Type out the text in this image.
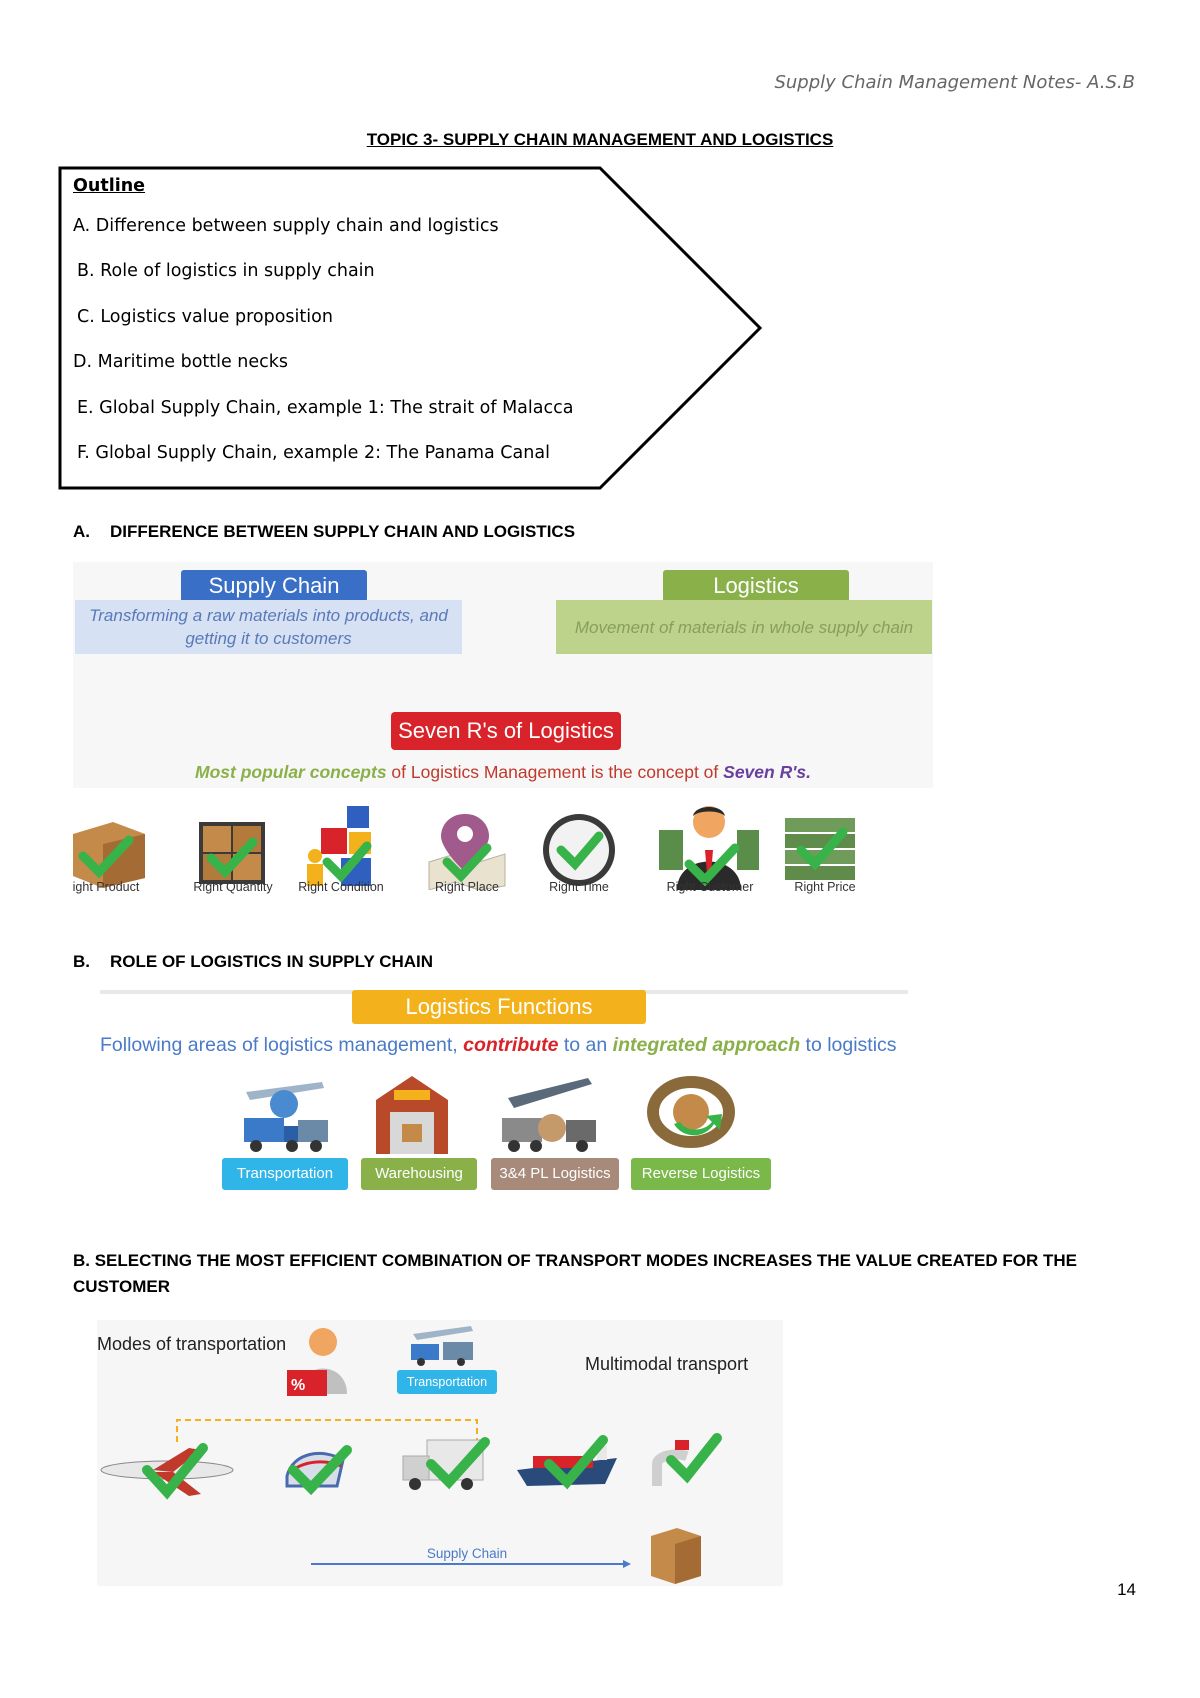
Supply Chain Management Notes- A.S.B
TOPIC 3- SUPPLY CHAIN MANAGEMENT AND LOGISTICS
Outline
A. Difference between supply chain and logistics
B. Role of logistics in supply chain
C. Logistics value proposition
D. Maritime bottle necks
E. Global Supply Chain, example 1: The strait of Malacca
F. Global Supply Chain, example 2: The Panama Canal
A. DIFFERENCE BETWEEN SUPPLY CHAIN AND LOGISTICS
Supply Chain
Transforming a raw materials into products, and getting it to customers
Logistics
Movement of materials in whole supply chain
Seven R's of Logistics
Most popular concepts of Logistics Management is the concept of Seven R's.
ight Product	Right Quantity	Right Condition	Right Place	Right Time	Right Customer	Right Price
B. ROLE OF LOGISTICS IN SUPPLY CHAIN
Logistics Functions
Following areas of logistics management, contribute to an integrated approach to logistics
Transportation	Warehousing	3&4 PL Logistics	Reverse Logistics
B. SELECTING THE MOST EFFICIENT COMBINATION OF TRANSPORT MODES INCREASES THE VALUE CREATED FOR THE CUSTOMER
Modes of transportation
%	Transportation
Multimodal transport
Supply Chain
14
